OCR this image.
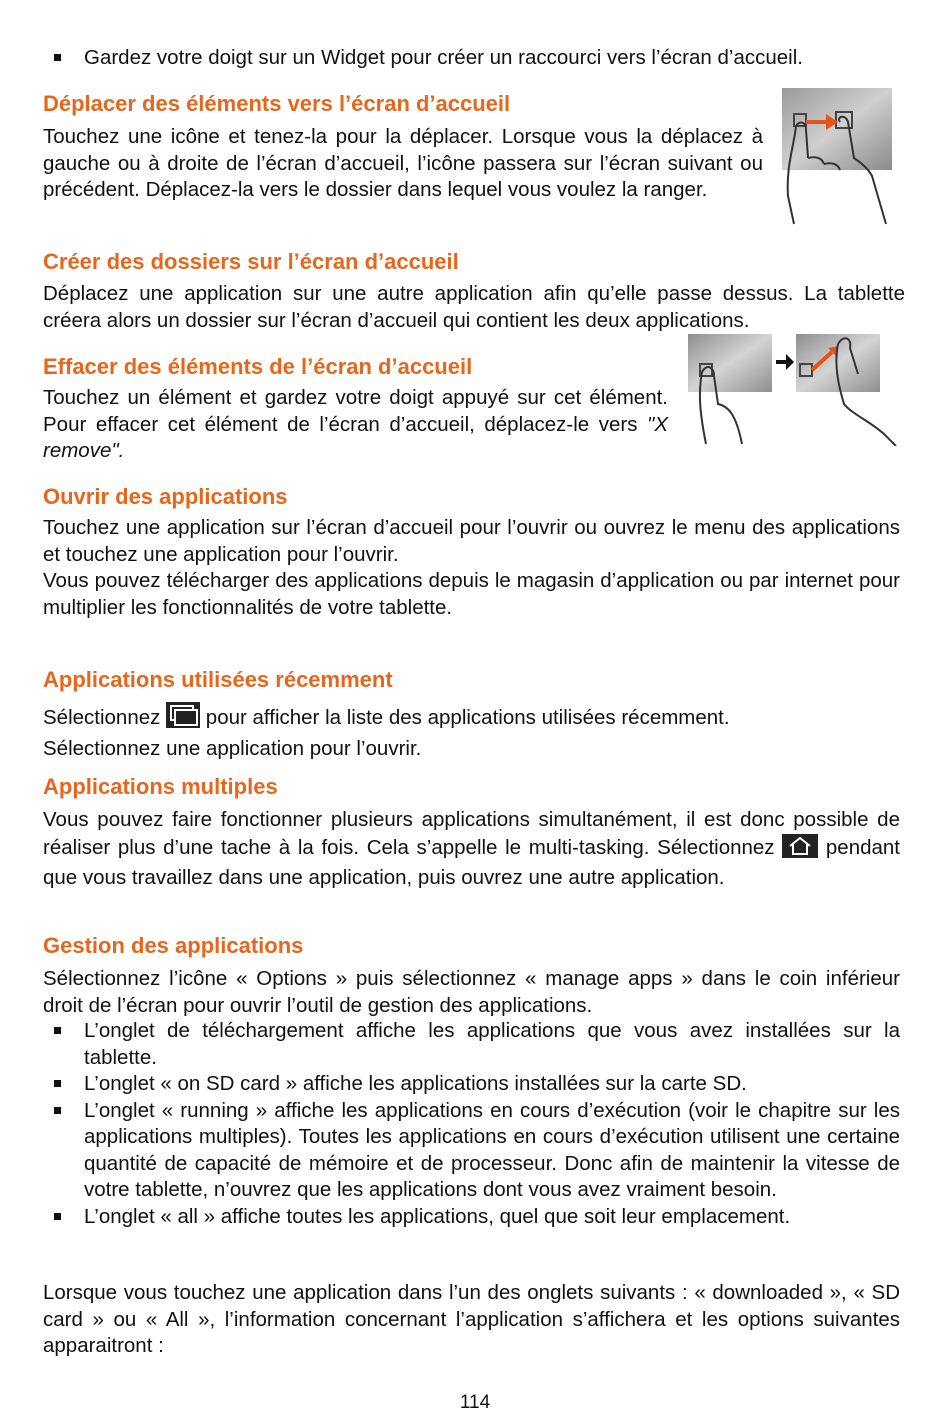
Gardez votre doigt sur un Widget pour créer un raccourci vers l’écran d’accueil.
Déplacer des éléments vers l’écran d’accueil

Touchez une icône et tenez-la pour la déplacer. Lorsque vous la déplacez à gauche ou à droite de l’écran d’accueil, l’icône passera sur l’écran suivant ou précédent. Déplacez-la vers le dossier dans lequel vous voulez la ranger.

Créer des dossiers sur l’écran d’accueil

Déplacez une application sur une autre application afin qu’elle passe dessus. La tablette créera alors un dossier sur l’écran d’accueil qui contient les deux applications.

Effacer des éléments de l’écran d’accueil

Touchez un élément et gardez votre doigt appuyé sur cet élément. Pour effacer cet élément de l’écran d’accueil, déplacez-le vers "X remove".

Ouvrir des applications

Touchez une application sur l’écran d’accueil pour l’ouvrir ou ouvrez le menu des applications et touchez une application pour l’ouvrir.

Vous pouvez télécharger des applications depuis le magasin d’application ou par internet pour multiplier les fonctionnalités de votre tablette.

Applications utilisées récemment

Sélectionnez pour afficher la liste des applications utilisées récemment.
Sélectionnez une application pour l’ouvrir.

Applications multiples

Vous pouvez faire fonctionner plusieurs applications simultanément, il est donc possible de réaliser plus d’une tache à la fois. Cela s’appelle le multi-tasking. Sélectionnez	pendant que vous travaillez dans une application, puis ouvrez une autre application.

Gestion des applications

Sélectionnez l’icône « Options » puis sélectionnez « manage apps » dans le coin inférieur droit de l’écran pour ouvrir l’outil de gestion des applications.

L’onglet de téléchargement affiche les applications que vous avez installées sur la tablette.
L’onglet « on SD card » affiche les applications installées sur la carte SD.
L’onglet « running » affiche les applications en cours d’exécution (voir le chapitre sur les applications multiples). Toutes les applications en cours d’exécution utilisent une certaine quantité de capacité de mémoire et de processeur. Donc afin de maintenir la vitesse de votre tablette, n’ouvrez que les applications dont vous avez vraiment besoin.
L’onglet « all » affiche toutes les applications, quel que soit leur emplacement.

Lorsque vous touchez une application dans l’un des onglets suivants : « downloaded », « SD card » ou « All », l’information concernant l’application s’affichera et les options suivantes apparaitront :

114
